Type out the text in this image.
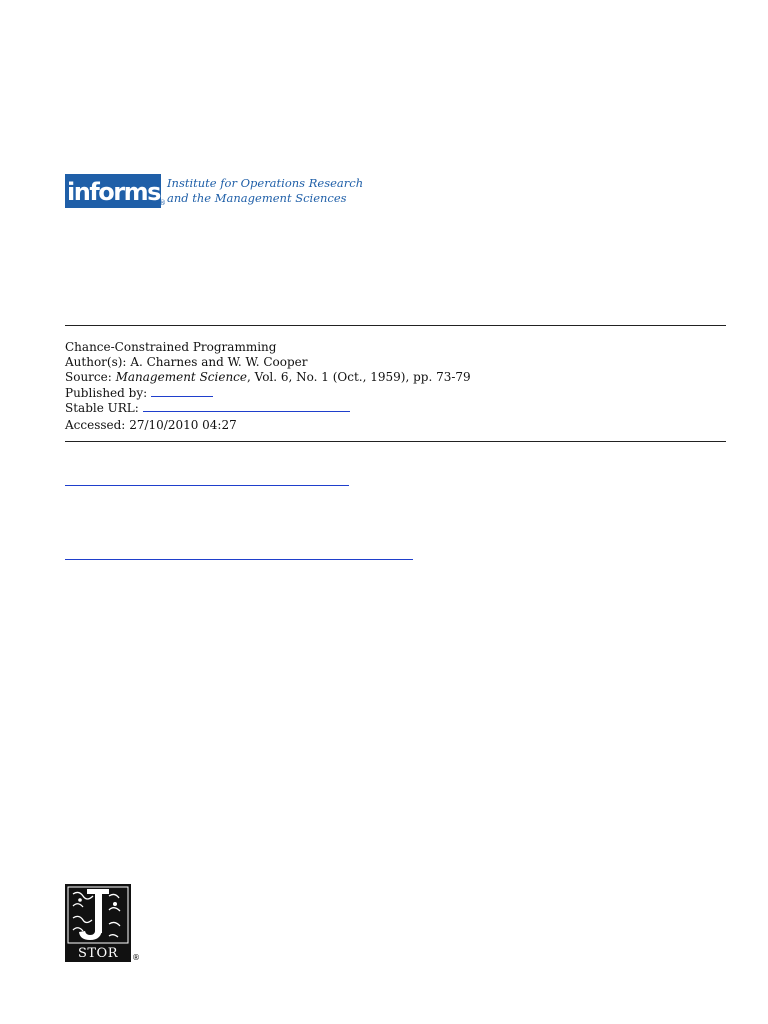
informs ®
Institute for Operations Research
and the Management Sciences
Chance-Constrained Programming
Author(s): A. Charnes and W. W. Cooper
Source: Management Science, Vol. 6, No. 1 (Oct., 1959), pp. 73-79
Published by:
Stable URL:
Accessed: 27/10/2010 04:27
STOR	®
